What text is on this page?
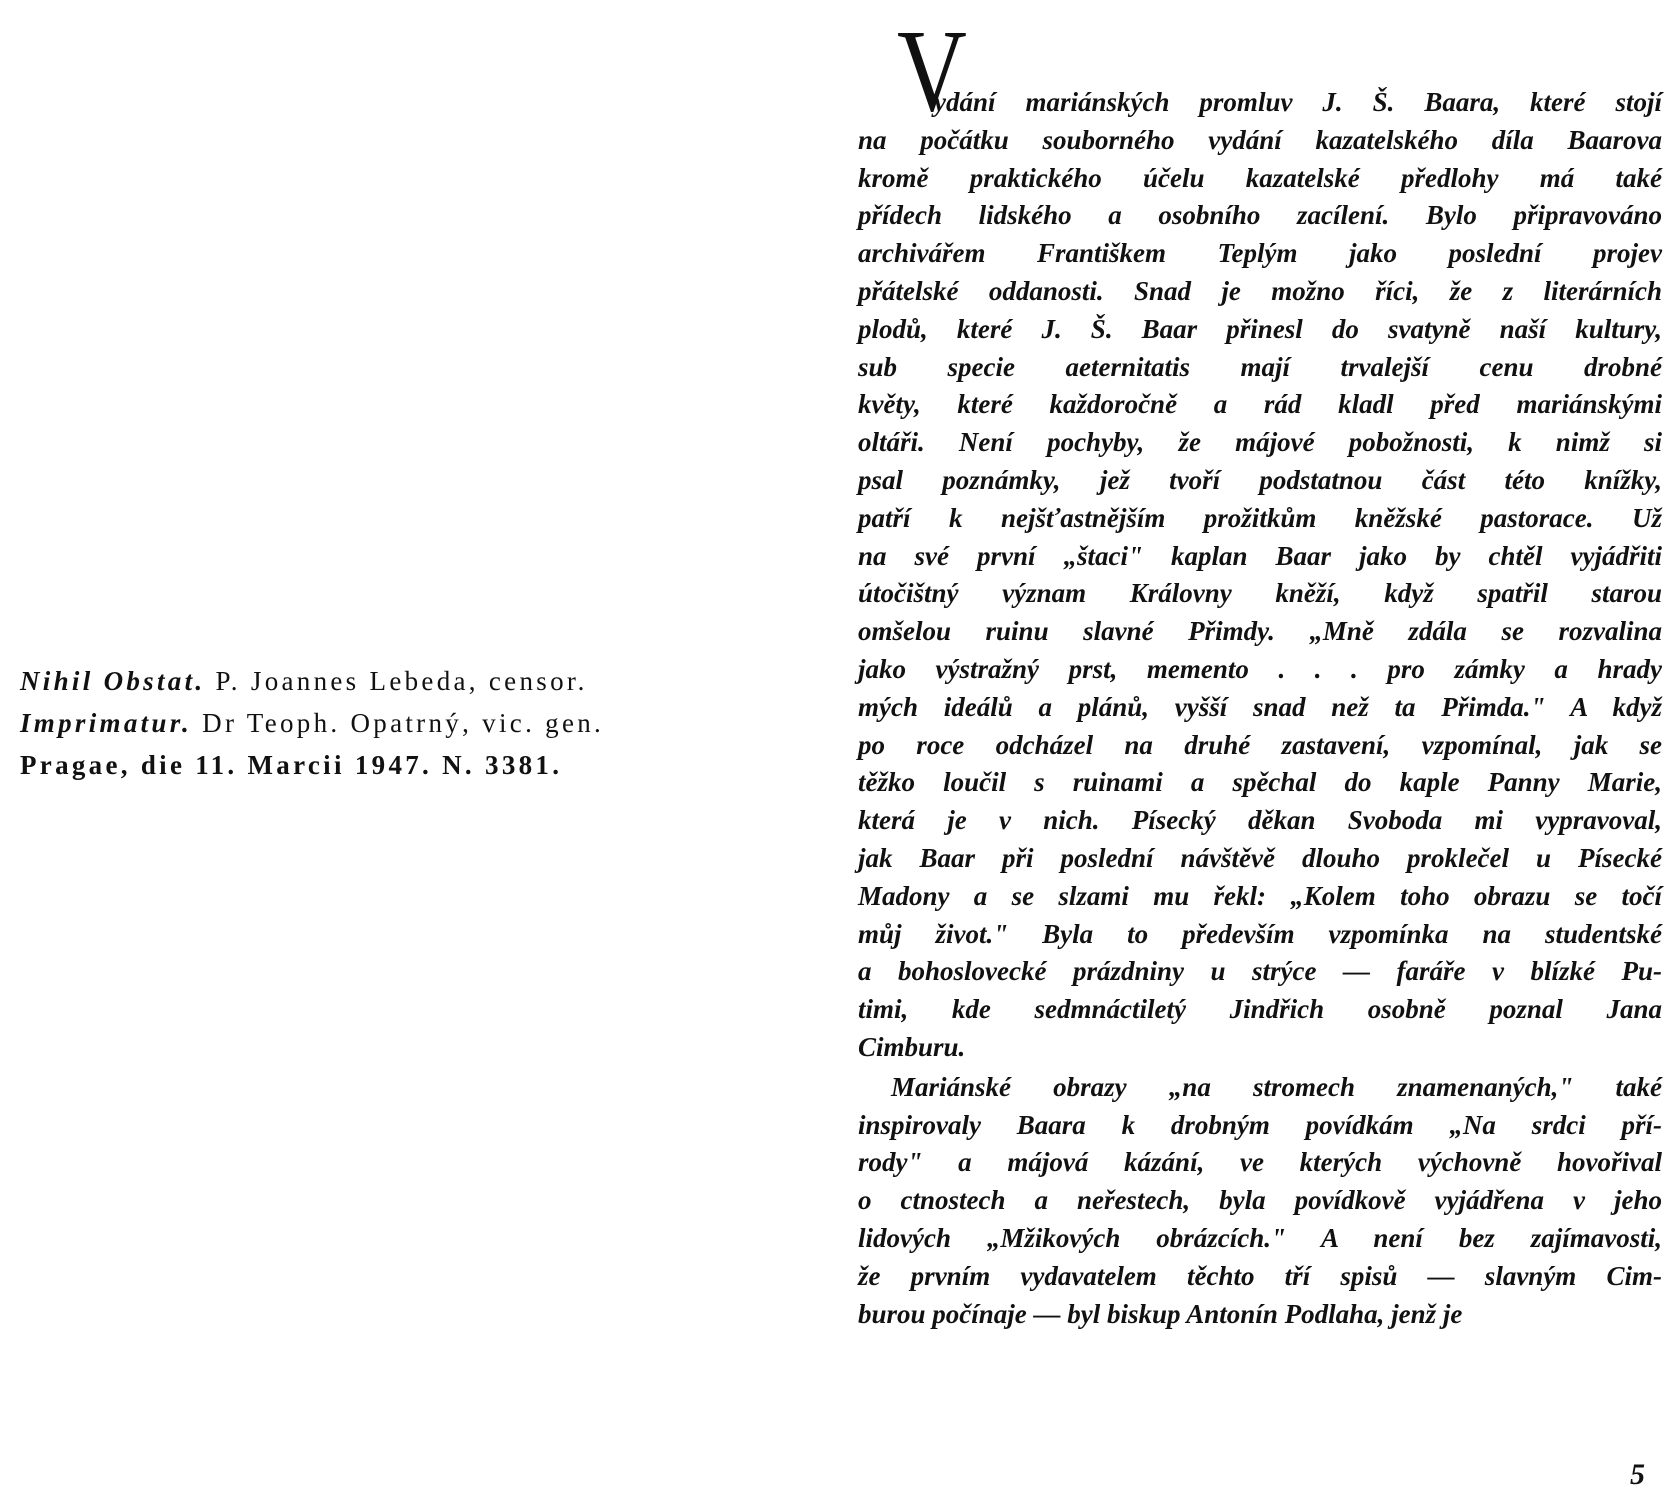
Nihil Obstat. P. Joannes Lebeda, censor.
Imprimatur. Dr Teoph. Opatrný, vic. gen.
Pragae, die 11. Marcii 1947. N. 3381.
V
ydání mariánských promluv J. Š. Baara, které stojí
na počátku souborného vydání kazatelského díla Baarova
kromě praktického účelu kazatelské předlohy má také
přídech lidského a osobního zacílení. Bylo připravováno
archivářem Františkem Teplým jako poslední projev
přátelské oddanosti. Snad je možno říci, že z literárních
plodů, které J. Š. Baar přinesl do svatyně naší kultury,
sub specie aeternitatis mají trvalejší cenu drobné
květy, které každoročně a rád kladl před mariánskými
oltáři. Není pochyby, že májové pobožnosti, k nimž si
psal poznámky, jež tvoří podstatnou část této knížky,
patří k nejšťastnějším prožitkům kněžské pastorace. Už
na své první „štaci" kaplan Baar jako by chtěl vyjádřiti
útočištný význam Královny kněží, když spatřil starou
omšelou ruinu slavné Přimdy. „Mně zdála se rozvalina
jako výstražný prst, memento . . . pro zámky a hrady
mých ideálů a plánů, vyšší snad než ta Přimda." A když
po roce odcházel na druhé zastavení, vzpomínal, jak se
těžko loučil s ruinami a spěchal do kaple Panny Marie,
která je v nich. Písecký děkan Svoboda mi vypravoval,
jak Baar při poslední návštěvě dlouho proklečel u Písecké
Madony a se slzami mu řekl: „Kolem toho obrazu se točí
můj život." Byla to především vzpomínka na studentské
a bohoslovecké prázdniny u strýce — faráře v blízké Pu-
timi, kde sedmnáctiletý Jindřich osobně poznal Jana
Cimburu.
Mariánské obrazy „na stromech znamenaných," také
inspirovaly Baara k drobným povídkám „Na srdci pří-
rody" a májová kázání, ve kterých výchovně hovořival
o ctnostech a neřestech, byla povídkově vyjádřena v jeho
lidových „Mžikových obrázcích." A není bez zajímavosti,
že prvním vydavatelem těchto tří spisů — slavným Cim-
burou počínaje — byl biskup Antonín Podlaha, jenž je
5
